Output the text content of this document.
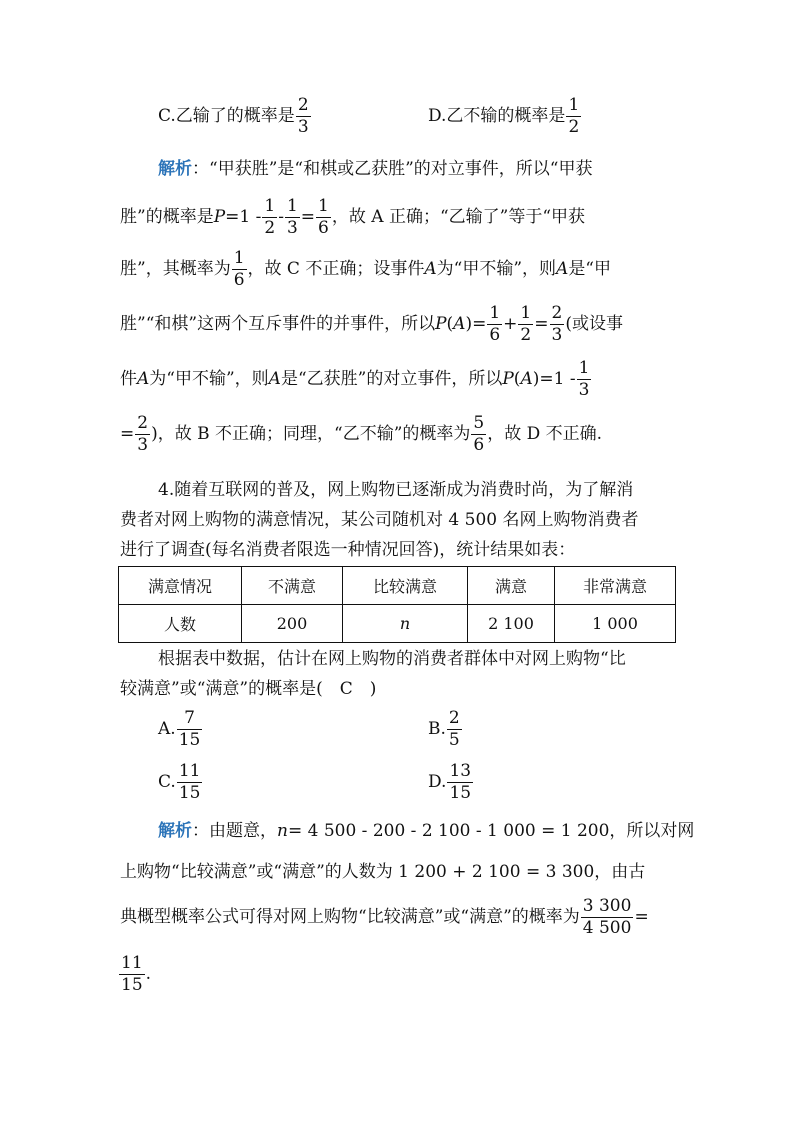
C.乙输了的概率是 $\frac{2}{3}$	D.乙不输的概率是 $\frac{1}{2}$
解析：“甲获胜”是“和棋或乙获胜”的对立事件，所以“甲获
胜”的概率是$P=1 - \frac{1}{2} - \frac{1}{3} = \frac{1}{6}$ ，故 A 正确；“乙输了”等于“甲获
胜”，其概率为 $\frac{1}{6}$ ，故 C 不正确；设事件A为“甲不输”，则A是“甲
胜”“和棋”这两个互斥事件的并事件，所以$P(A)= \frac{1}{6} + \frac{1}{2} = \frac{2}{3}$ (或设事
件A为“甲不输”，则A是“乙获胜”的对立事件，所以$P(A)=1 - \frac{1}{3}$
= $\frac{2}{3}$ )，故 B 不正确；同理，“乙不输”的概率为 $\frac{5}{6}$ ，故 D 不正确.
4.随着互联网的普及，网上购物已逐渐成为消费时尚，为了解消
费者对网上购物的满意情况，某公司随机对 4 500 名网上购物消费者
进行了调查(每名消费者限选一种情况回答)，统计结果如表：
满意情况	不满意	比较满意	满意	非常满意
人数	200	n	2 100	1 000
根据表中数据，估计在网上购物的消费者群体中对网上购物“比
较满意”或“满意”的概率是(　C　)
A. $\frac{7}{15}$	B. $\frac{2}{5}$
C. $\frac{11}{15}$	D. $\frac{13}{15}$
解析：由题意，n= 4 500 - 200 - 2 100 - 1 000 = 1 200，所以对网
上购物“比较满意”或“满意”的人数为 1 200 + 2 100 = 3 300，由古
典概型概率公式可得对网上购物“比较满意”或“满意”的概率为 $\frac{3 300}{4 500}$ =
$\frac{11}{15}$ .
